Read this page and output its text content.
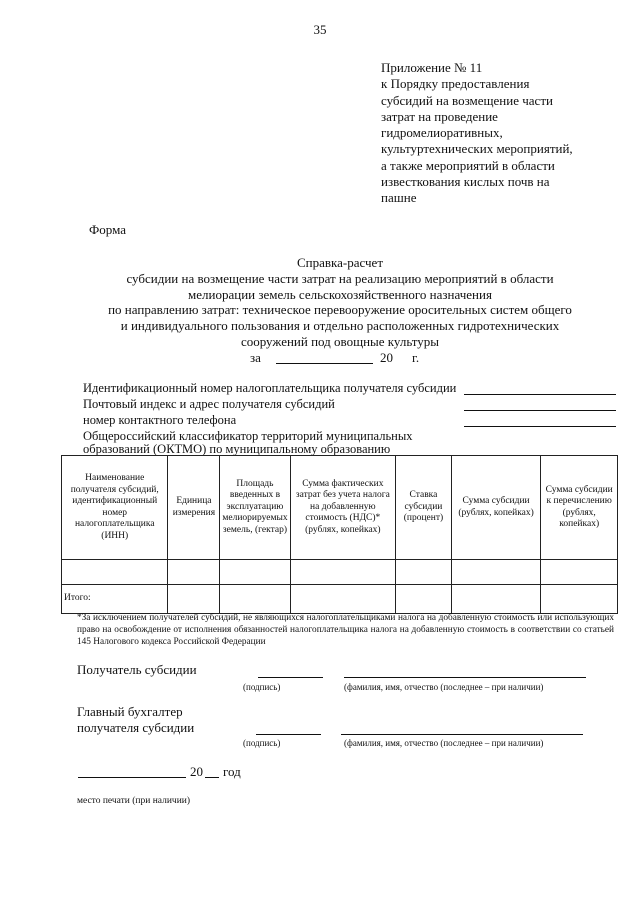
35
Приложение № 11
к Порядку предоставления
субсидий на возмещение части
затрат на проведение
гидромелиоративных,
культуртехнических мероприятий,
а также мероприятий в области
известкования кислых почв на
пашне
Форма
Справка-расчет
субсидии на возмещение части затрат на реализацию мероприятий в области
мелиорации земель сельскохозяйственного назначения
по направлению затрат: техническое перевооружение оросительных систем общего
и индивидуального пользования и отдельно расположенных гидротехнических
сооружений под овощные культуры
за	20 г.
Идентификационный номер налогоплательщика получателя субсидии
Почтовый индекс и адрес получателя субсидий
номер контактного телефона
Общероссийский классификатор территорий муниципальных
образований (ОКТМО) по муниципальному образованию
Наименование получателя субсидий, идентификационный номер налогоплательщика (ИНН)	Единица измерения	Площадь введенных в эксплуатацию мелиорируемых земель, (гектар)	Сумма фактических затрат без учета налога на добавленную стоимость (НДС)* (рублях, копейках)	Ставка субсидии (процент)	Сумма субсидии (рублях, копейках)	Сумма субсидии к перечислению (рублях, копейках)

Итого:						
*За исключением получателей субсидий, не являющихся налогоплательщиками налога на добавленную стоимость или использующих право на освобождение от исполнения обязанностей налогоплательщика налога на добавленную стоимость в соответствии со статьей 145 Налогового кодекса Российской Федерации
Получатель субсидии
(подпись)	(фамилия, имя, отчество (последнее – при наличии)
Главный бухгалтер
получателя субсидии
(подпись)	(фамилия, имя, отчество (последнее – при наличии)
20 год
место печати (при наличии)
